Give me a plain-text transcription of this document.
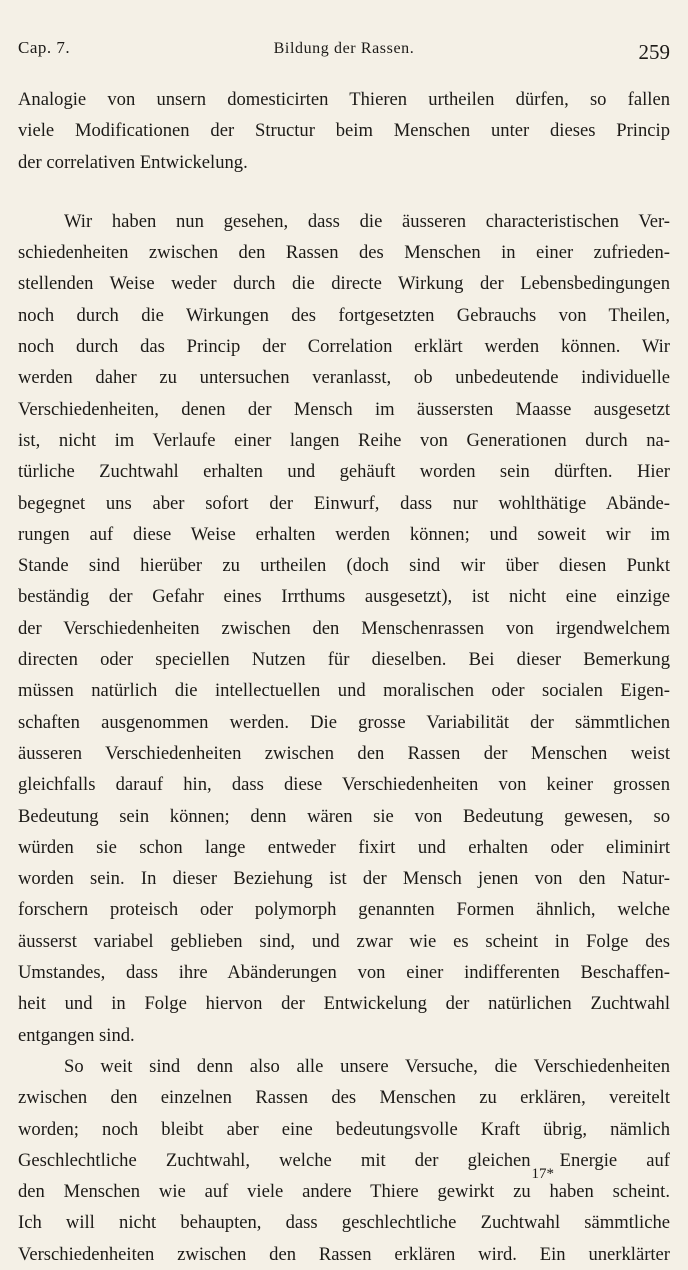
Cap. 7.	Bildung der Rassen.	259
Analogie von unsern domesticirten Thieren urtheilen dürfen, so fallen
viele Modificationen der Structur beim Menschen unter dieses Princip
der correlativen Entwickelung.
Wir haben nun gesehen, dass die äusseren characteristischen Ver-
schiedenheiten zwischen den Rassen des Menschen in einer zufrieden-
stellenden Weise weder durch die directe Wirkung der Lebensbedingungen
noch durch die Wirkungen des fortgesetzten Gebrauchs von Theilen,
noch durch das Princip der Correlation erklärt werden können. Wir
werden daher zu untersuchen veranlasst, ob unbedeutende individuelle
Verschiedenheiten, denen der Mensch im äussersten Maasse ausgesetzt
ist, nicht im Verlaufe einer langen Reihe von Generationen durch na-
türliche Zuchtwahl erhalten und gehäuft worden sein dürften. Hier
begegnet uns aber sofort der Einwurf, dass nur wohlthätige Abände-
rungen auf diese Weise erhalten werden können; und soweit wir im
Stande sind hierüber zu urtheilen (doch sind wir über diesen Punkt
beständig der Gefahr eines Irrthums ausgesetzt), ist nicht eine einzige
der Verschiedenheiten zwischen den Menschenrassen von irgendwelchem
directen oder speciellen Nutzen für dieselben. Bei dieser Bemerkung
müssen natürlich die intellectuellen und moralischen oder socialen Eigen-
schaften ausgenommen werden. Die grosse Variabilität der sämmtlichen
äusseren Verschiedenheiten zwischen den Rassen der Menschen weist
gleichfalls darauf hin, dass diese Verschiedenheiten von keiner grossen
Bedeutung sein können; denn wären sie von Bedeutung gewesen, so
würden sie schon lange entweder fixirt und erhalten oder eliminirt
worden sein. In dieser Beziehung ist der Mensch jenen von den Natur-
forschern proteisch oder polymorph genannten Formen ähnlich, welche
äusserst variabel geblieben sind, und zwar wie es scheint in Folge des
Umstandes, dass ihre Abänderungen von einer indifferenten Beschaffen-
heit und in Folge hiervon der Entwickelung der natürlichen Zuchtwahl
entgangen sind.
So weit sind denn also alle unsere Versuche, die Verschiedenheiten
zwischen den einzelnen Rassen des Menschen zu erklären, vereitelt
worden; noch bleibt aber eine bedeutungsvolle Kraft übrig, nämlich
Geschlechtliche Zuchtwahl, welche mit der gleichen Energie auf
den Menschen wie auf viele andere Thiere gewirkt zu haben scheint.
Ich will nicht behaupten, dass geschlechtliche Zuchtwahl sämmtliche
Verschiedenheiten zwischen den Rassen erklären wird. Ein unerklärter
17*
